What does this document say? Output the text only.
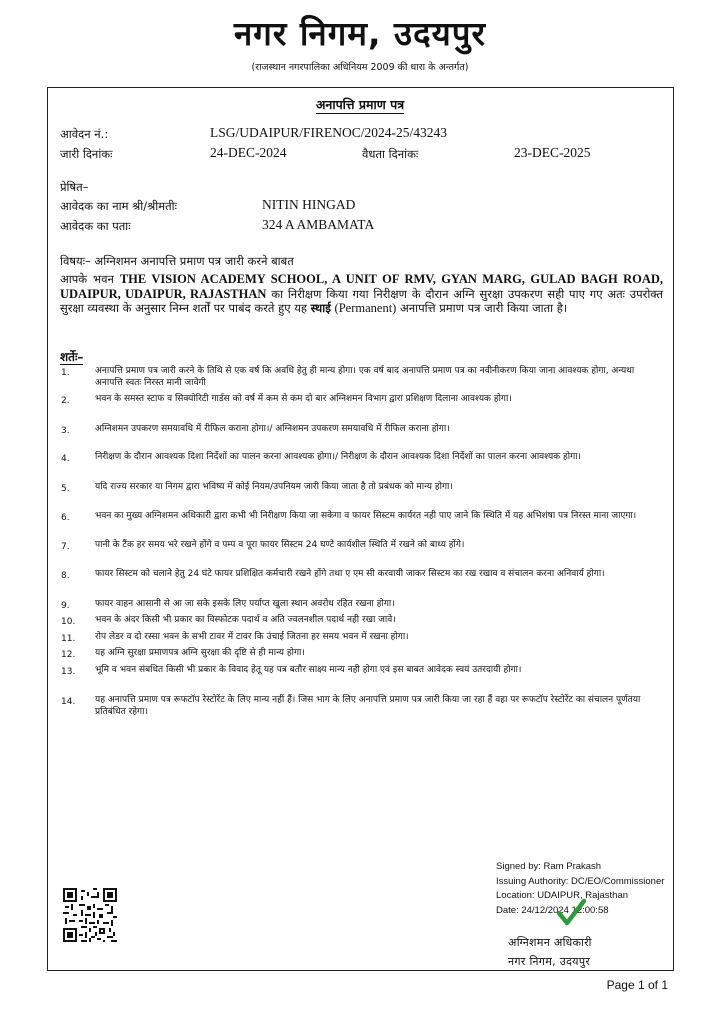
नगर निगम, उदयपुर
(राजस्थान नगरपालिका अधिनियम 2009 की धारा के अन्तर्गत)
अनापत्ति प्रमाण पत्र
आवेदन नं.:	LSG/UDAIPUR/FIRENOC/2024-25/43243
जारी दिनांकः	24-DEC-2024	वैधता दिनांकः	23-DEC-2025
प्रेषित–
आवेदक का नाम श्री/श्रीमतीः	NITIN HINGAD
आवेदक का पताः	324 A AMBAMATA
विषयः– अग्निशमन अनापत्ति प्रमाण पत्र जारी करने बाबत
आपके भवन THE VISION ACADEMY SCHOOL, A UNIT OF RMV, GYAN MARG, GULAD BAGH ROAD, UDAIPUR, UDAIPUR, RAJASTHAN का निरीक्षण किया गया निरीक्षण के दौरान अग्नि सुरक्षा उपकरण सही पाए गए अतः उपरोक्त सुरक्षा व्यवस्था के अनुसार निम्न शर्तों पर पाबंद करते हुए यह स्थाई (Permanent) अनापत्ति प्रमाण पत्र जारी किया जाता है।
शर्तेः–
1.	अनापत्ति प्रमाण पत्र जारी करने के तिथि से एक वर्ष कि अवधि हेतु ही मान्य होगा। एक वर्ष बाद अनापत्ति प्रमाण पत्र का नवीनीकरण किया जाना आवश्यक होगा, अन्यथा अनापत्ति स्वतः निरस्त मानी जावेगी
2.	भवन के समस्त स्टाफ व सिक्योरिटी गार्डस को वर्ष में कम से कम दो बार अग्निशमन विभाग द्वारा प्रशिक्षण दिलाना आवश्यक होगा।
3.	अग्निशमन उपकरण समयावधि में रीफिल कराना होगा।/ अग्निशमन उपकरण समयावधि में रीफिल कराना होगा।
4.	निरीक्षण के दौरान आवश्यक दिशा निर्देशों का पालन करना आवश्यक होगा।/ निरीक्षण के दौरान आवश्यक दिशा निर्देशों का पालन करना आवश्यक होगा।
5.	यदि राज्य सरकार या निगम द्वारा भविष्य में कोई नियम/उपनियम जारी किया जाता है तो प्रबंधक को मान्य होगा।
6.	भवन का मुख्य अग्निशमन अधिकारी द्वारा कभी भी निरीक्षण किया जा सकेगा व फायर सिस्टम कार्यरत नही पाए जाने कि स्थिति में यह अभिशंषा पत्र निरस्त माना जाएगा।
7.	पानी के टैंक हर समय भरे रखने होंगे व पम्प व पूरा फायर सिस्टम 24 घण्टे कार्यशील स्थिति में रखने को बाध्य होंगे।
8.	फायर सिस्टम को चलाने हेतु 24 घंटे फायर प्रशिक्षित कर्मचारी रखने होंगे तथा ए एम सी करवायी जाकर सिस्टम का रख रखाव व संचालन करना अनिवार्य होगा।
9.	फायर वाहन आसानी से आ जा सके इसके लिए पर्याप्त खुला स्थान अवरोध रहित रखना होगा।
10. भवन के अंदर किसी भी प्रकार का विस्फोटक पदार्थ व अति ज्वलनशील पदार्थ नही रखा जावे।
11. रोप लेडर व दो रस्सा भवन के सभी टावर में टावर कि उंचाई जितना हर समय भवन में रखना होगा।
12. यह अग्नि सुरक्षा प्रमाणपत्र अग्नि सुरक्षा की दृष्टि से ही मान्य होगा।
13. भूमि व भवन संबधित किसी भी प्रकार के विवाद हेतू यह पत्र बतौर साक्ष्य मान्य नही होगा एवं इस बाबत आवेदक स्वयं उतरदायी होगा।
14. यह अनापत्ति प्रमाण पत्र रूफटॉप रेस्टोरेंट के लिए मान्य नहीं हैं। जिस भाग के लिए अनापत्ति प्रमाण पत्र जारी किया जा रहा हैं वहा पर रूफटॉप रेस्टोरेंट का संचालन पूर्णतया प्रतिबंधित रहेगा।
Signed by: Ram Prakash
Issuing Authority: DC/EO/Commissioner
Location: UDAIPUR, Rajasthan
Date: 24/12/2024 12:00:58
अग्निशमन अधिकारी
नगर निगम, उदयपुर
Page 1 of 1
